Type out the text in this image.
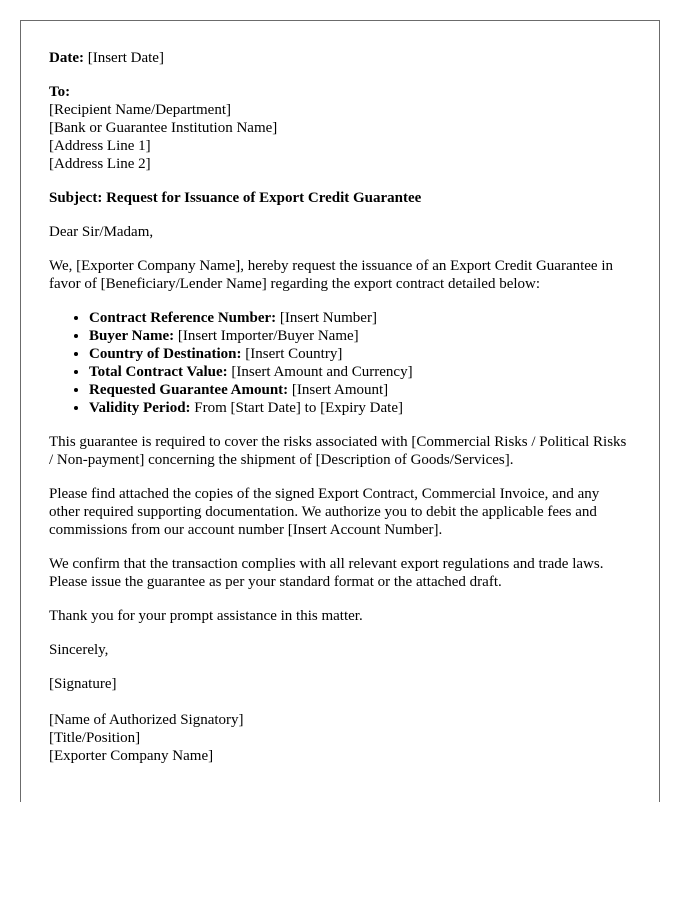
Date: [Insert Date]

To:
[Recipient Name/Department]
[Bank or Guarantee Institution Name]
[Address Line 1]
[Address Line 2]

Subject: Request for Issuance of Export Credit Guarantee

Dear Sir/Madam,

We, [Exporter Company Name], hereby request the issuance of an Export Credit Guarantee in favor of [Beneficiary/Lender Name] regarding the export contract detailed below:

• Contract Reference Number: [Insert Number]
• Buyer Name: [Insert Importer/Buyer Name]
• Country of Destination: [Insert Country]
• Total Contract Value: [Insert Amount and Currency]
• Requested Guarantee Amount: [Insert Amount]
• Validity Period: From [Start Date] to [Expiry Date]

This guarantee is required to cover the risks associated with [Commercial Risks / Political Risks / Non-payment] concerning the shipment of [Description of Goods/Services].

Please find attached the copies of the signed Export Contract, Commercial Invoice, and any other required supporting documentation. We authorize you to debit the applicable fees and commissions from our account number [Insert Account Number].

We confirm that the transaction complies with all relevant export regulations and trade laws. Please issue the guarantee as per your standard format or the attached draft.

Thank you for your prompt assistance in this matter.

Sincerely,

[Signature]

[Name of Authorized Signatory]
[Title/Position]
[Exporter Company Name]
